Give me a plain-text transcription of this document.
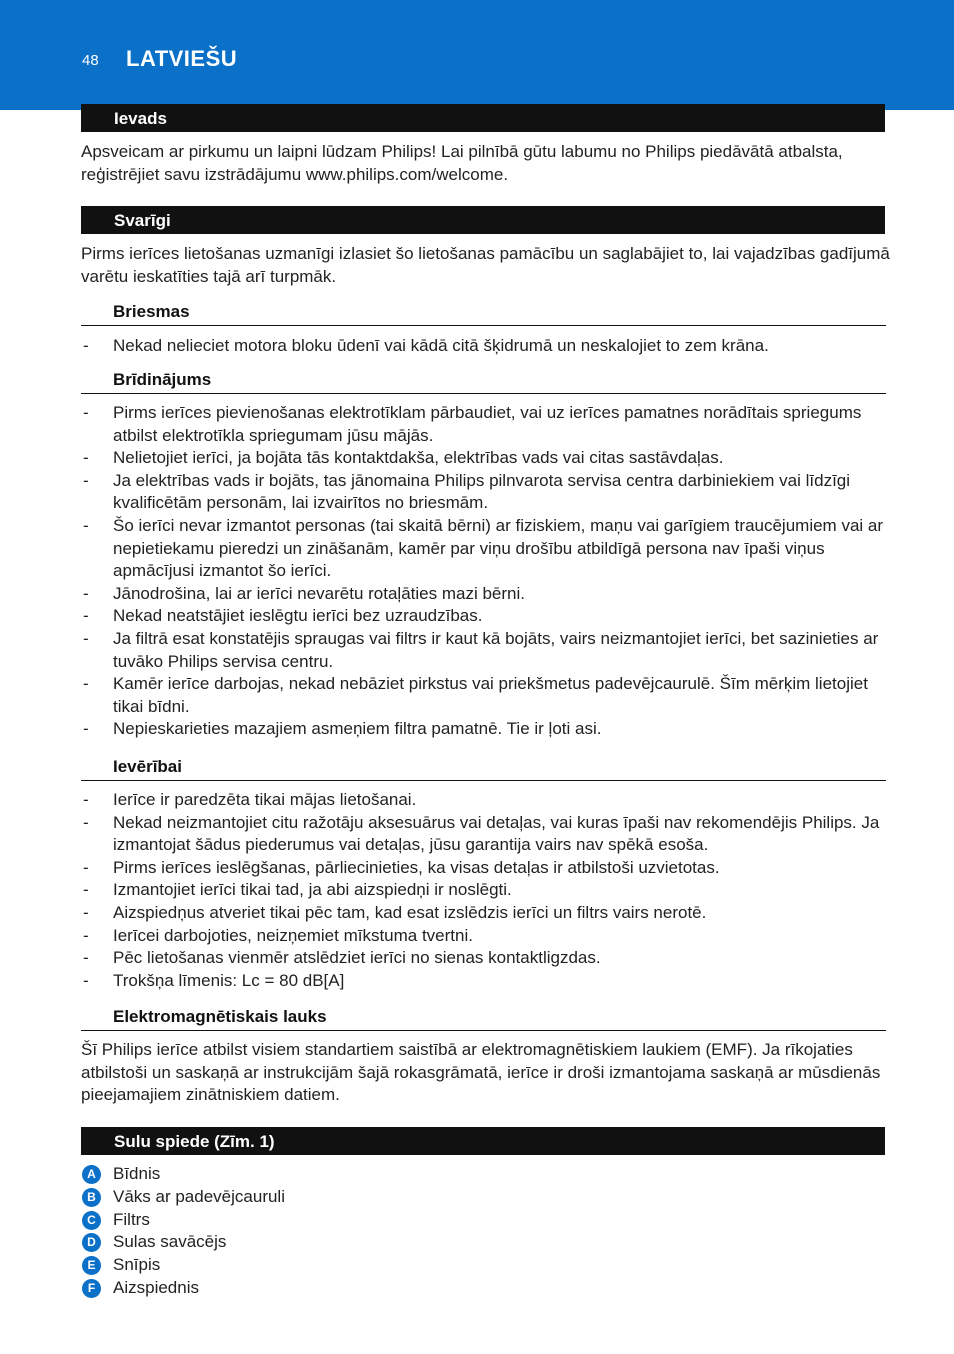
48 LATVIEŠU
Ievads
Apsveicam ar pirkumu un laipni lūdzam Philips! Lai pilnībā gūtu labumu no Philips piedāvātā atbalsta, reģistrējiet savu izstrādājumu www.philips.com/welcome.
Svarīgi
Pirms ierīces lietošanas uzmanīgi izlasiet šo lietošanas pamācību un saglabājiet to, lai vajadzības gadījumā varētu ieskatīties tajā arī turpmāk.
Briesmas
- Nekad nelieciet motora bloku ūdenī vai kādā citā šķidrumā un neskalojiet to zem krāna.
Brīdinājums
- Pirms ierīces pievienošanas elektrotīklam pārbaudiet, vai uz ierīces pamatnes norādītais spriegums atbilst elektrotīkla spriegumam jūsu mājās.
- Nelietojiet ierīci, ja bojāta tās kontaktdakša, elektrības vads vai citas sastāvdaļas.
- Ja elektrības vads ir bojāts, tas jānomaina Philips pilnvarota servisa centra darbiniekiem vai līdzīgi kvalificētām personām, lai izvairītos no briesmām.
- Šo ierīci nevar izmantot personas (tai skaitā bērni) ar fiziskiem, maņu vai garīgiem traucējumiem vai ar nepietiekamu pieredzi un zināšanām, kamēr par viņu drošību atbildīgā persona nav īpaši viņus apmācījusi izmantot šo ierīci.
- Jānodrošina, lai ar ierīci nevarētu rotaļāties mazi bērni.
- Nekad neatstājiet ieslēgtu ierīci bez uzraudzības.
- Ja filtrā esat konstatējis spraugas vai filtrs ir kaut kā bojāts, vairs neizmantojiet ierīci, bet sazinieties ar tuvāko Philips servisa centru.
- Kamēr ierīce darbojas, nekad nebāziet pirkstus vai priekšmetus padevējcaurulē. Šīm mērķim lietojiet tikai bīdni.
- Nepieskarieties mazajiem asmeņiem filtra pamatnē. Tie ir ļoti asi.
Ievērībai
- Ierīce ir paredzēta tikai mājas lietošanai.
- Nekad neizmantojiet citu ražotāju aksesuārus vai detaļas, vai kuras īpaši nav rekomendējis Philips. Ja izmantojat šādus piederumus vai detaļas, jūsu garantija vairs nav spēkā esoša.
- Pirms ierīces ieslēgšanas, pārliecinieties, ka visas detaļas ir atbilstoši uzvietotas.
- Izmantojiet ierīci tikai tad, ja abi aizspiedņi ir noslēgti.
- Aizspiedņus atveriet tikai pēc tam, kad esat izslēdzis ierīci un filtrs vairs nerotē.
- Ierīcei darbojoties, neizņemiet mīkstuma tvertni.
- Pēc lietošanas vienmēr atslēdziet ierīci no sienas kontaktligzdas.
- Trokšņa līmenis: Lc = 80 dB[A]
Elektromagnētiskais lauks
Šī Philips ierīce atbilst visiem standartiem saistībā ar elektromagnētiskiem laukiem (EMF). Ja rīkojaties atbilstoši un saskaņā ar instrukcijām šajā rokasgrāmatā, ierīce ir droši izmantojama saskaņā ar mūsdienās pieejamajiem zinātniskiem datiem.
Sulu spiede (Zīm. 1)
A	Bīdnis
B	Vāks ar padevējcauruli
C	Filtrs
D	Sulas savācējs
E	Snīpis
F	Aizspiednis
